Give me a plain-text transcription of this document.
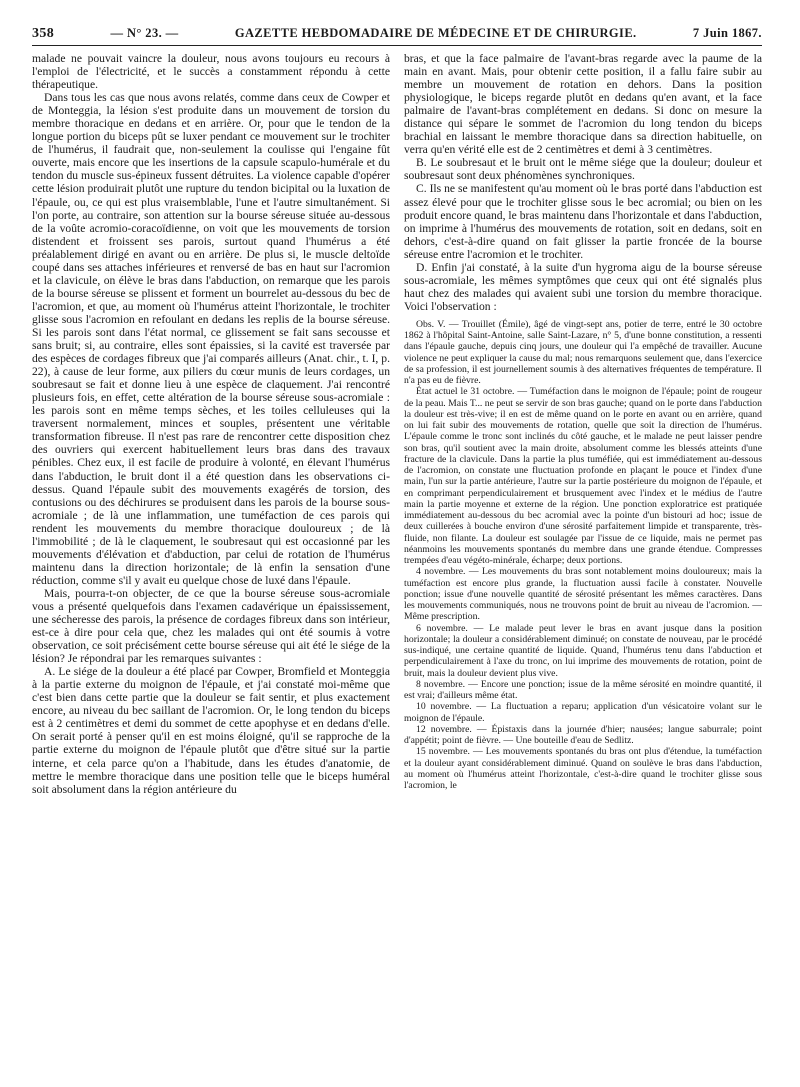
358	— N° 23. —	GAZETTE HEBDOMADAIRE DE MÉDECINE ET DE CHIRURGIE.	7 Juin 1867.

malade ne pouvait vaincre la douleur, nous avons toujours eu recours à l'emploi de l'électricité, et le succès a constamment répondu à cette thérapeutique.

Dans tous les cas que nous avons relatés, comme dans ceux de Cowper et de Monteggia, la lésion s'est produite dans un mouvement de torsion du membre thoracique en dedans et en arrière. Or, pour que le tendon de la longue portion du biceps pût se luxer pendant ce mouvement sur le trochiter de l'humérus, il faudrait que, non-seulement la coulisse qui l'engaine fût ouverte, mais encore que les insertions de la capsule scapulo-humérale et du tendon du muscle sus-épineux fussent détruites. La violence capable d'opérer cette lésion produirait plutôt une rupture du tendon bicipital ou la luxation de l'épaule, ou, ce qui est plus vraisemblable, l'une et l'autre simultanément. Si l'on porte, au contraire, son attention sur la bourse séreuse située au-dessous de la voûte acromio-coracoïdienne, on voit que les mouvements de torsion distendent et froissent ses parois, surtout quand l'humérus a été préalablement dirigé en avant ou en arrière. De plus si, le muscle deltoïde coupé dans ses attaches inférieures et renversé de bas en haut sur l'acromion et la clavicule, on élève le bras dans l'abduction, on remarque que les parois de la bourse séreuse se plissent et forment un bourrelet au-dessous du bec de l'acromion, et que, au moment où l'humérus atteint l'horizontale, le trochiter glisse sous l'acromion en refoulant en dedans les replis de la bourse séreuse. Si les parois sont dans l'état normal, ce glissement se fait sans secousse et sans bruit; si, au contraire, elles sont épaissies, si la cavité est traversée par des espèces de cordages fibreux que j'ai comparés ailleurs (Anat. chir., t. I, p. 22), à cause de leur forme, aux piliers du cœur munis de leurs cordages, un soubresaut se fait et donne lieu à une espèce de claquement. J'ai rencontré plusieurs fois, en effet, cette altération de la bourse séreuse sous-acromiale : les parois sont en même temps sèches, et les toiles celluleuses qui la traversent normalement, minces et souples, présentent une véritable transformation fibreuse. Il n'est pas rare de rencontrer cette disposition chez des ouvriers qui exercent habituellement leurs bras dans des travaux pénibles. Chez eux, il est facile de produire à volonté, en élevant l'humérus dans l'abduction, le bruit dont il a été question dans les observations ci-dessus. Quand l'épaule subit des mouvements exagérés de torsion, des contusions ou des déchirures se produisent dans les parois de la bourse sous-acromiale ; de là une inflammation, une tuméfaction de ces parois qui rendent les mouvements du membre thoracique douloureux ; de là l'immobilité ; de là le claquement, le soubresaut qui est occasionné par les mouvements d'élévation et d'abduction, par celui de rotation de l'humérus maintenu dans la direction horizontale; de là enfin la sensation d'une réduction, comme s'il y avait eu quelque chose de luxé dans l'épaule.

Mais, pourra-t-on objecter, de ce que la bourse séreuse sous-acromiale vous a présenté quelquefois dans l'examen cadavérique un épaississement, une sécheresse des parois, la présence de cordages fibreux dans son intérieur, est-ce à dire pour cela que, chez les malades qui ont été soumis à votre observation, ce soit précisément cette bourse séreuse qui ait été le siége de la lésion? Je répondrai par les remarques suivantes :

A. Le siége de la douleur a été placé par Cowper, Bromfield et Monteggia à la partie externe du moignon de l'épaule, et j'ai constaté moi-même que c'est bien dans cette partie que la douleur se fait sentir, et plus exactement encore, au niveau du bec saillant de l'acromion. Or, le long tendon du biceps est à 2 centimètres et demi du sommet de cette apophyse et en dedans d'elle. On serait porté à penser qu'il en est moins éloigné, qu'il se rapproche de la partie externe du moignon de l'épaule plutôt que d'être situé sur la partie interne, et cela parce qu'on a l'habitude, dans les études d'anatomie, de mettre le membre thoracique dans une position telle que le biceps huméral soit absolument dans la région antérieure du

bras, et que la face palmaire de l'avant-bras regarde avec la paume de la main en avant. Mais, pour obtenir cette position, il a fallu faire subir au membre un mouvement de rotation en dehors. Dans la position physiologique, le biceps regarde plutôt en dedans qu'en avant, et la face palmaire de l'avant-bras complétement en dedans. Si donc on mesure la distance qui sépare le sommet de l'acromion du long tendon du biceps brachial en laissant le membre thoracique dans sa direction habituelle, on verra qu'en vérité elle est de 2 centimètres et demi à 3 centimètres.

B. Le soubresaut et le bruit ont le même siége que la douleur; douleur et soubresaut sont deux phénomènes synchroniques.

C. Ils ne se manifestent qu'au moment où le bras porté dans l'abduction est assez élevé pour que le trochiter glisse sous le bec acromial; ou bien on les produit encore quand, le bras maintenu dans l'horizontale et dans l'abduction, on imprime à l'humérus des mouvements de rotation, soit en dedans, soit en dehors, c'est-à-dire quand on fait glisser la partie froncée de la bourse séreuse entre l'acromion et le trochiter.

D. Enfin j'ai constaté, à la suite d'un hygroma aigu de la bourse séreuse sous-acromiale, les mêmes symptômes que ceux qui ont été signalés plus haut chez des malades qui avaient subi une torsion du membre thoracique. Voici l'observation :

Obs. V. — Trouillet (Émile), âgé de vingt-sept ans, potier de terre, entré le 30 octobre 1862 à l'hôpital Saint-Antoine, salle Saint-Lazare, n° 5, d'une bonne constitution, a ressenti dans l'épaule gauche, depuis cinq jours, une douleur qui l'a empêché de travailler. Aucune violence ne peut expliquer la cause du mal; nous remarquons seulement que, dans l'exercice de sa profession, il est journellement soumis à des alternatives fréquentes de température. Il n'a pas eu de fièvre.

État actuel le 31 octobre. — Tuméfaction dans le moignon de l'épaule; point de rougeur de la peau. Mais T... ne peut se servir de son bras gauche; quand on le porte dans l'abduction la douleur est très-vive; il en est de même quand on le porte en avant ou en arrière, quand on lui fait subir des mouvements de rotation, quelle que soit la direction de l'humérus. L'épaule comme le tronc sont inclinés du côté gauche, et le malade ne peut laisser pendre son bras, qu'il soutient avec la main droite, absolument comme les blessés atteints d'une fracture de la clavicule. Dans la partie la plus tuméfiée, qui est immédiatement au-dessous de l'acromion, on constate une fluctuation profonde en plaçant le pouce et l'index d'une main, l'un sur la partie antérieure, l'autre sur la partie postérieure du moignon de l'épaule, et en comprimant perpendiculairement et brusquement avec l'index et le médius de l'autre main la partie moyenne et externe de la région. Une ponction exploratrice est pratiquée immédiatement au-dessous du bec acromial avec la pointe d'un bistouri ad hoc; issue de deux cuillerées à bouche environ d'une sérosité parfaitement limpide et transparente, très-fluide, non filante. La douleur est soulagée par l'issue de ce liquide, mais ne permet pas néanmoins les mouvements spontanés du membre dans une grande étendue. Compresses trempées d'eau végéto-minérale, écharpe; deux portions.

4 novembre. — Les mouvements du bras sont notablement moins douloureux; mais la tuméfaction est encore plus grande, la fluctuation aussi facile à constater. Nouvelle ponction; issue d'une nouvelle quantité de sérosité présentant les mêmes caractères. Dans les mouvements communiqués, nous ne trouvons point de bruit au niveau de l'acromion. — Même prescription.

6 novembre. — Le malade peut lever le bras en avant jusque dans la position horizontale; la douleur a considérablement diminué; on constate de nouveau, par le procédé sus-indiqué, une certaine quantité de liquide. Quand, l'humérus tenu dans l'abduction et perpendiculairement à l'axe du tronc, on lui imprime des mouvements de rotation, point de bruit, mais la douleur devient plus vive.

8 novembre. — Encore une ponction; issue de la même sérosité en moindre quantité, il est vrai; d'ailleurs même état.

10 novembre. — La fluctuation a reparu; application d'un vésicatoire volant sur le moignon de l'épaule.

12 novembre. — Épistaxis dans la journée d'hier; nausées; langue saburrale; point d'appétit; point de fièvre. — Une bouteille d'eau de Sedlitz.

15 novembre. — Les mouvements spontanés du bras ont plus d'étendue, la tuméfaction et la douleur ayant considérablement diminué. Quand on soulève le bras dans l'abduction, au moment où l'humérus atteint l'horizontale, c'est-à-dire quand le trochiter glisse sous l'acromion, le
